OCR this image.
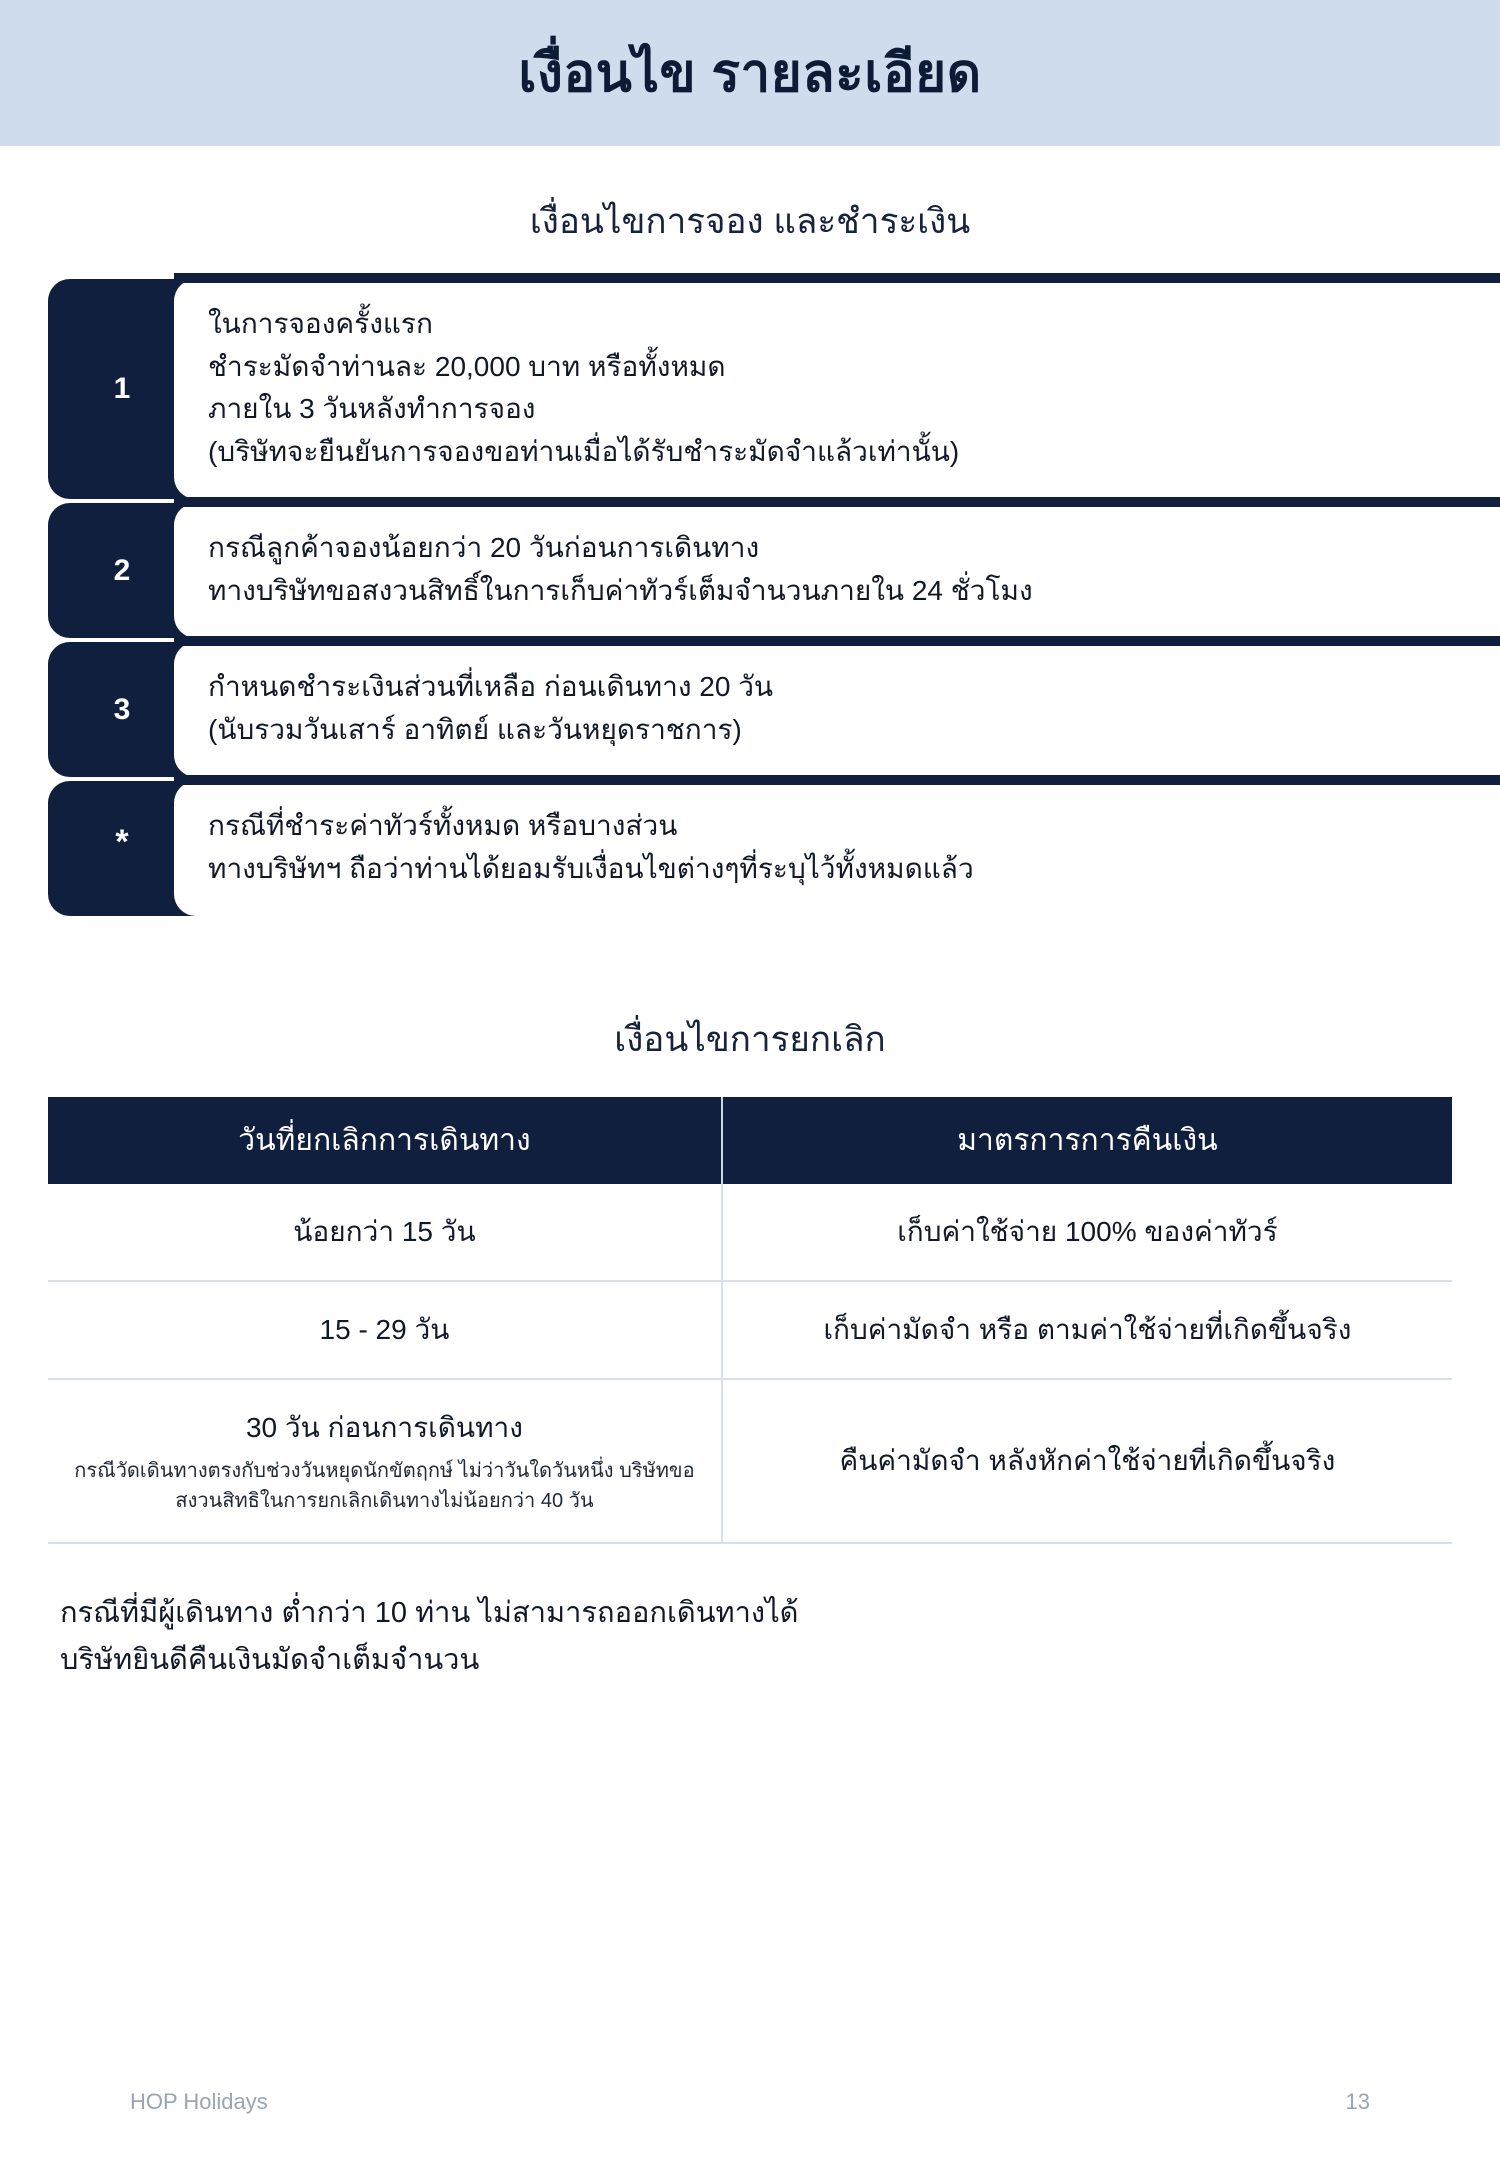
เงื่อนไข รายละเอียด
เงื่อนไขการจอง และชำระเงิน
1
ในการจองครั้งแรก
ชำระมัดจำท่านละ 20,000 บาท หรือทั้งหมด
ภายใน 3 วันหลังทำการจอง
(บริษัทจะยืนยันการจองขอท่านเมื่อได้รับชำระมัดจำแล้วเท่านั้น)
2
กรณีลูกค้าจองน้อยกว่า 20 วันก่อนการเดินทาง
ทางบริษัทขอสงวนสิทธิ์ในการเก็บค่าทัวร์เต็มจำนวนภายใน 24 ชั่วโมง
3
กำหนดชำระเงินส่วนที่เหลือ ก่อนเดินทาง 20 วัน
(นับรวมวันเสาร์ อาทิตย์ และวันหยุดราชการ)
*	กรณีที่ชำระค่าทัวร์ทั้งหมด หรือบางส่วน
ทางบริษัทฯ ถือว่าท่านได้ยอมรับเงื่อนไขต่างๆที่ระบุไว้ทั้งหมดแล้ว
เงื่อนไขการยกเลิก
วันที่ยกเลิกการเดินทาง	มาตรการการคืนเงิน

น้อยกว่า 15 วัน	เก็บค่าใช้จ่าย 100% ของค่าทัวร์

15 - 29 วัน	เก็บค่ามัดจำ หรือ ตามค่าใช้จ่ายที่เกิดขึ้นจริง

30 วัน ก่อนการเดินทาง
กรณีวัดเดินทางตรงกับช่วงวันหยุดนักขัตฤกษ์ ไม่ว่าวันใดวันหนึ่ง บริษัทขอสงวนสิทธิในการยกเลิกเดินทางไม่น้อยกว่า 40 วัน	คืนค่ามัดจำ หลังหักค่าใช้จ่ายที่เกิดขึ้นจริง
กรณีที่มีผู้เดินทาง ต่ำกว่า 10 ท่าน ไม่สามารถออกเดินทางได้
บริษัทยินดีคืนเงินมัดจำเต็มจำนวน
HOP Holidays	13
